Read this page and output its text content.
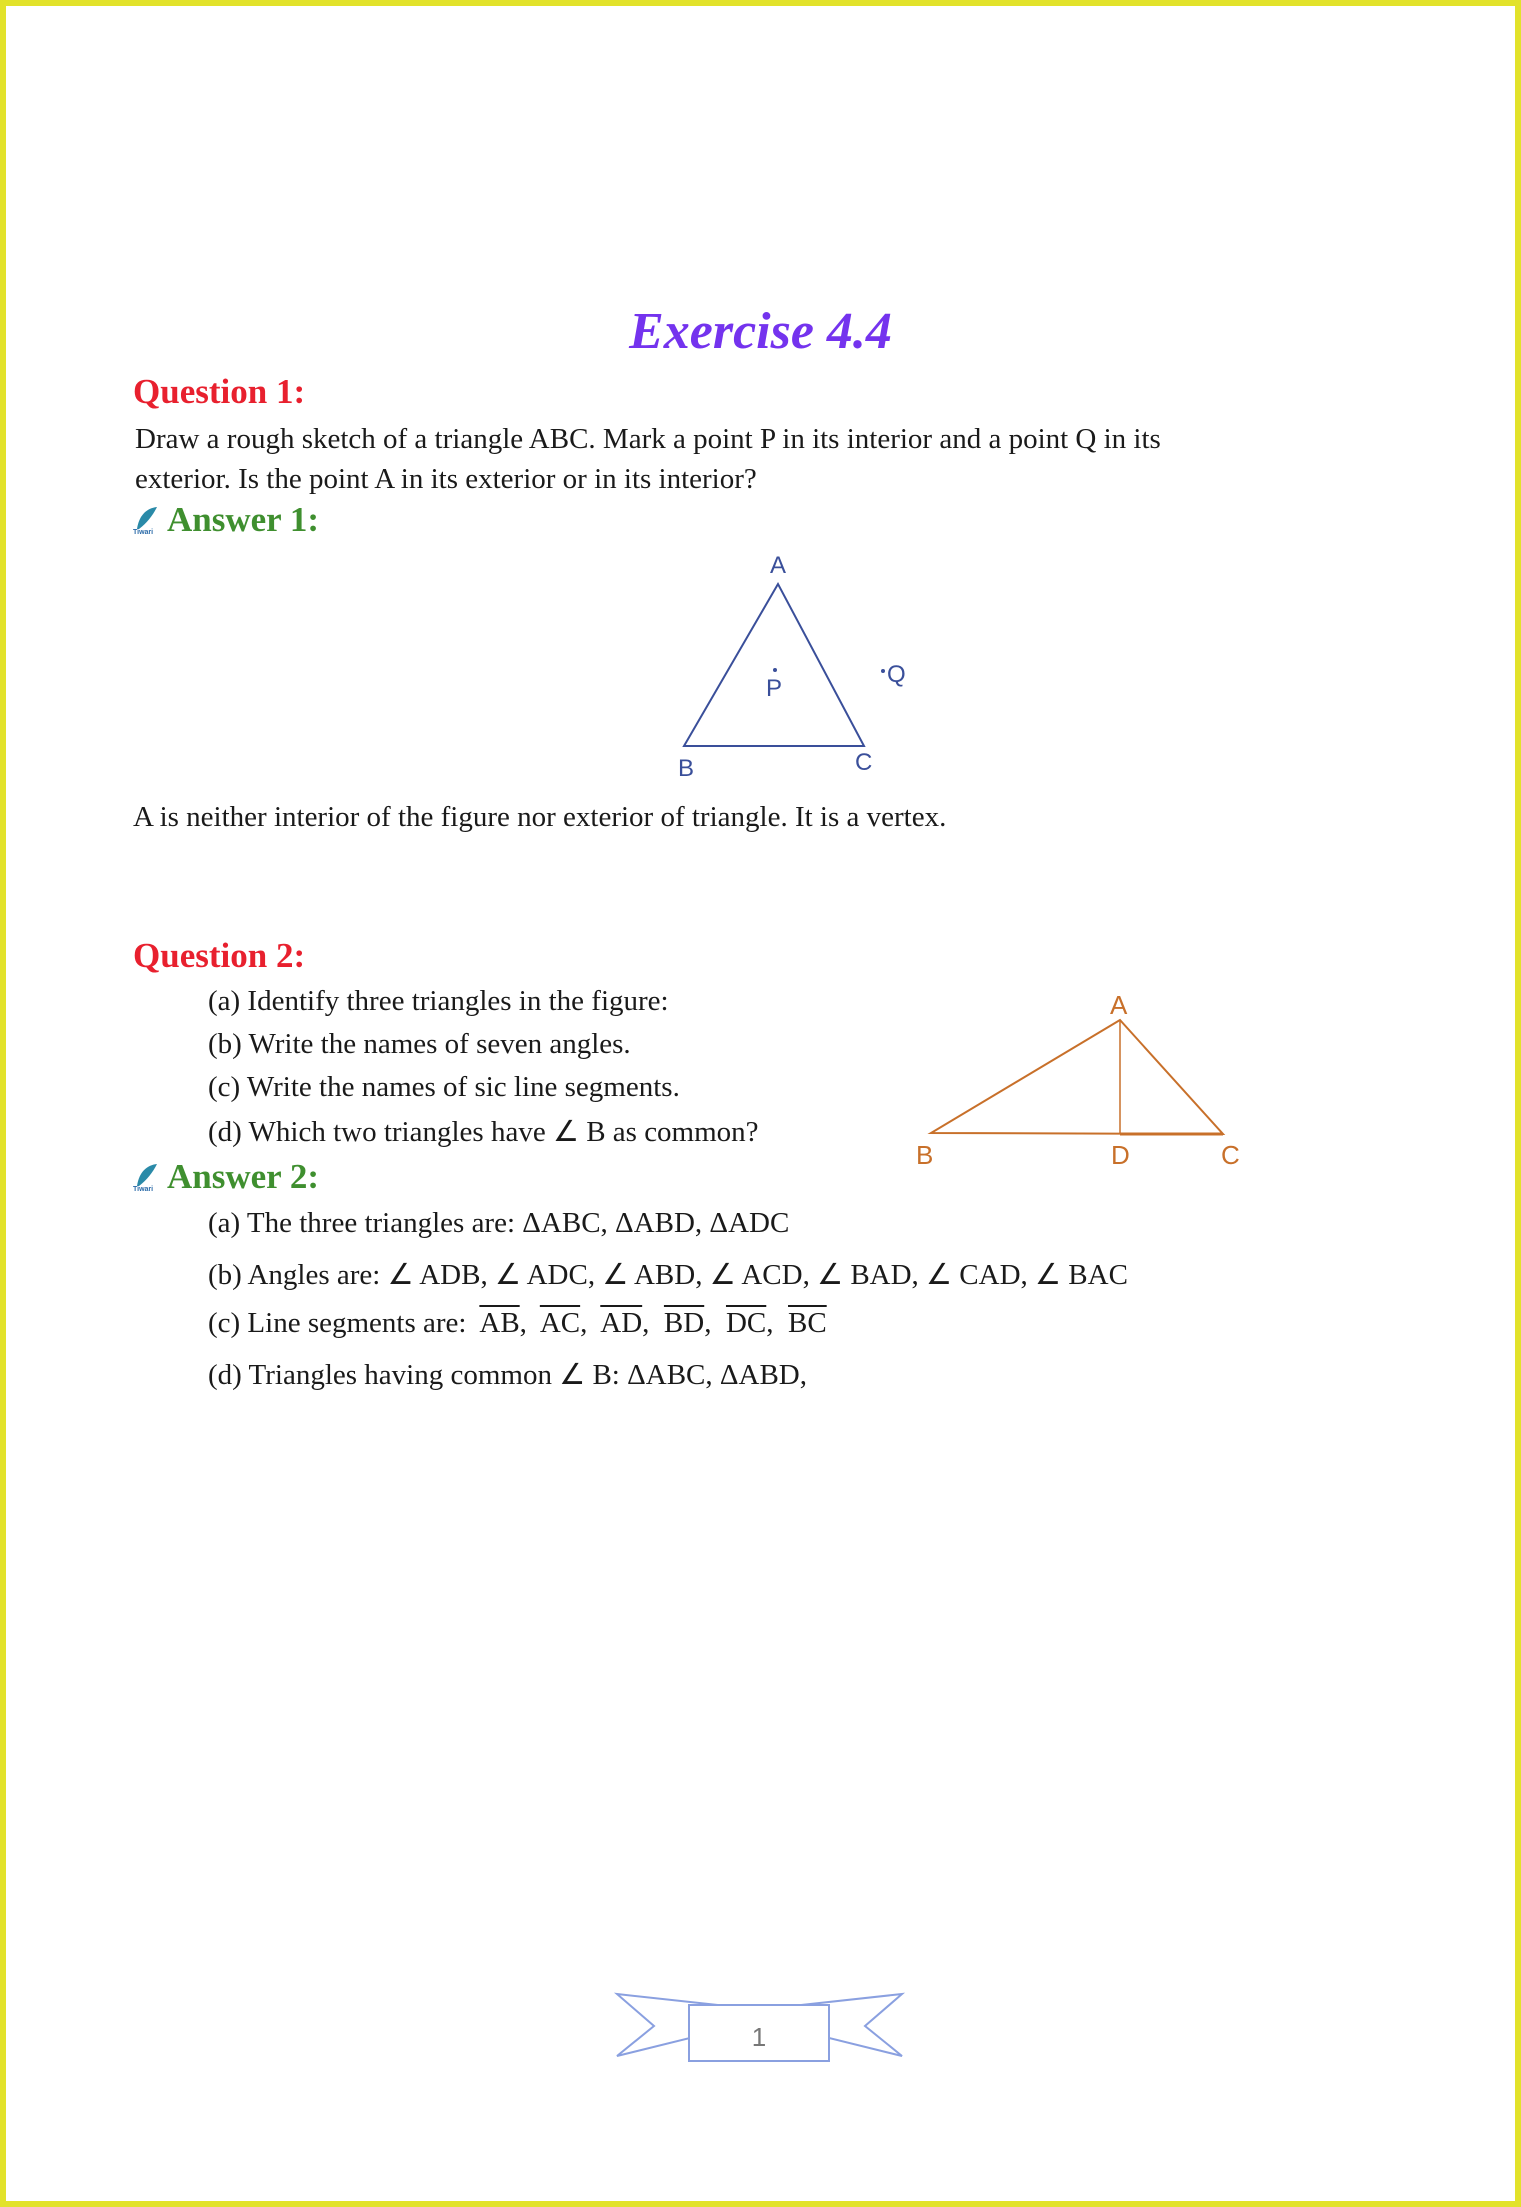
Exercise 4.4
Question 1:
Draw a rough sketch of a triangle ABC. Mark a point P in its interior and a point Q in its
exterior. Is the point A in its exterior or in its interior?
Tiwari Answer 1:
A
B	C
P
Q
A is neither interior of the figure nor exterior of triangle. It is a vertex.
Question 2:
(a) Identify three triangles in the figure:
(b) Write the names of seven angles.
(c) Write the names of sic line segments.
(d) Which two triangles have ∠ B as common?
A
B	D	C
Tiwari Answer 2:
(a) The three triangles are: ΔABC, ΔABD, ΔADC
(b) Angles are: ∠ ADB, ∠ ADC, ∠ ABD, ∠ ACD, ∠ BAD, ∠ CAD, ∠ BAC
(c) Line segments are: $\overline{AB}$,  $\overline{AC}$,  $\overline{AD}$,  $\overline{BD}$,  $\overline{DC}$,  $\overline{BC}$
(d) Triangles having common ∠ B: ΔABC, ΔABD,
1
